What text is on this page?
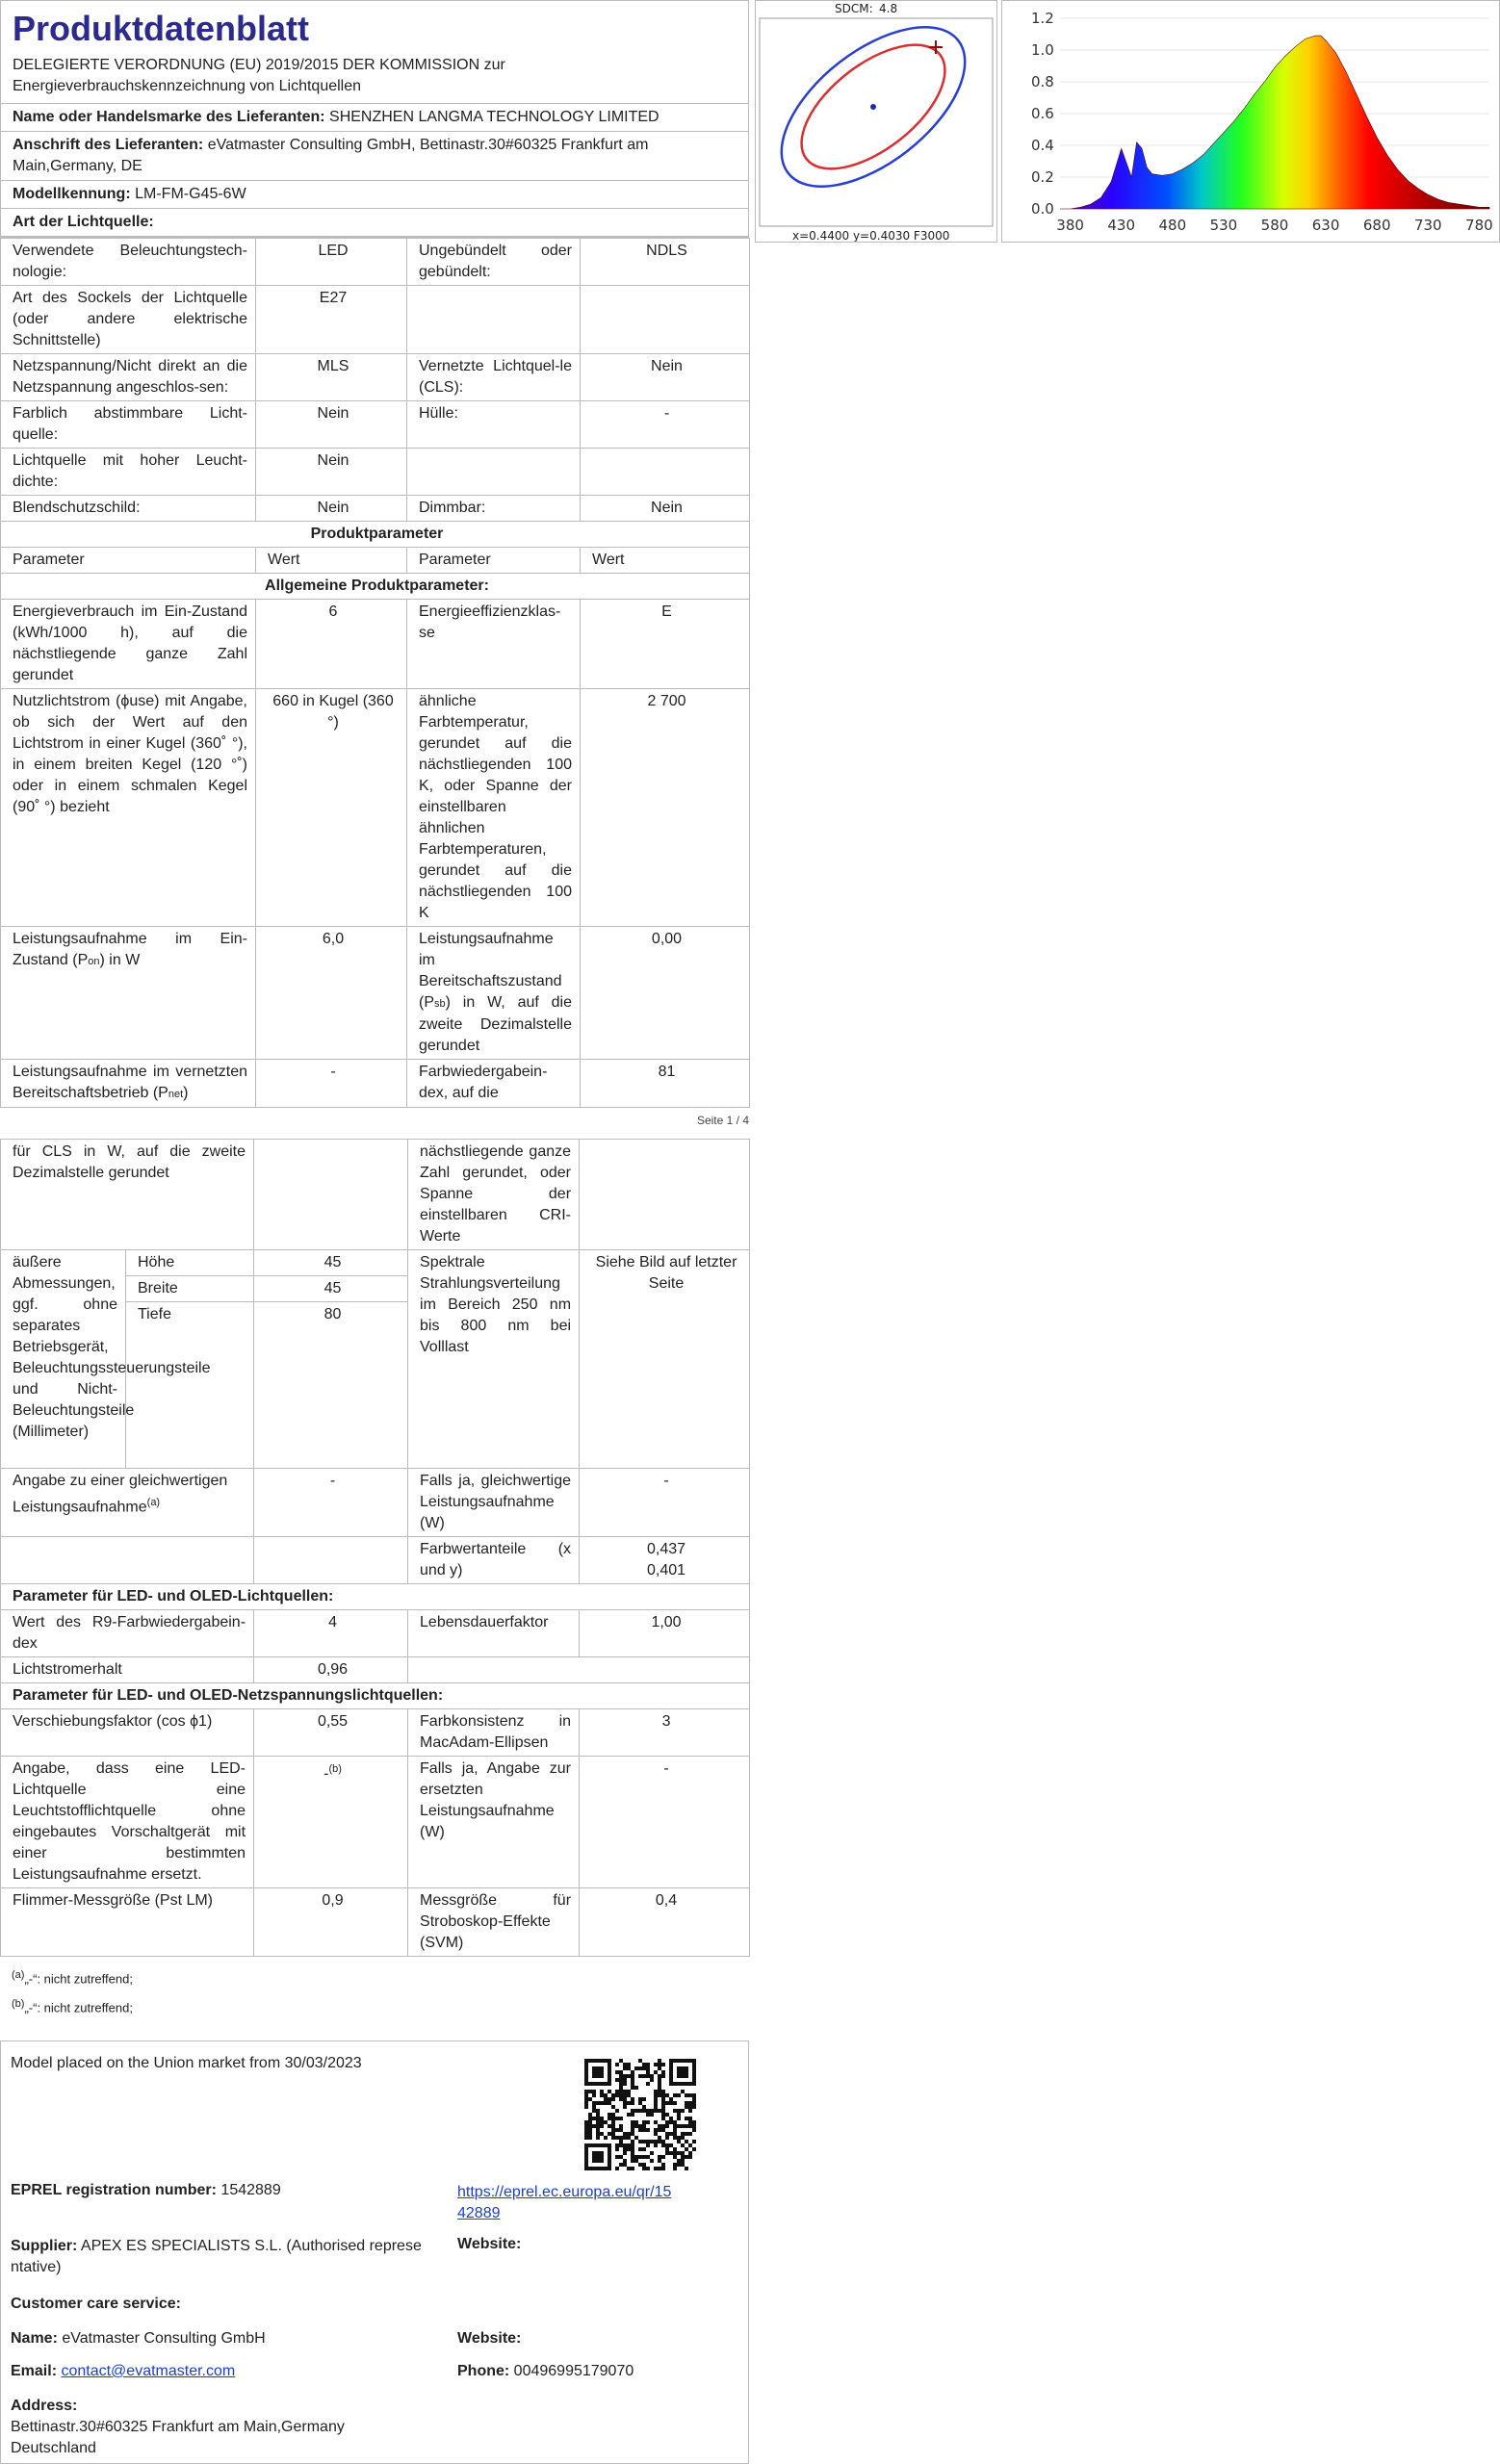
Produktdatenblatt
DELEGIERTE VERORDNUNG (EU) 2019/2015 DER KOMMISSION zur
Energieverbrauchskennzeichnung von Lichtquellen
Name oder Handelsmarke des Lieferanten: SHENZHEN LANGMA TECHNOLOGY LIMITED
Anschrift des Lieferanten: eVatmaster Consulting GmbH, Bettinastr.30#60325 Frankfurt am
Main,Germany, DE
Modellkennung: LM-FM-G45-6W
Art der Lichtquelle:
Verwendete Beleuchtungstech-nologie:	LED	Ungebündelt oder gebündelt:	NDLS
Art des Sockels der Lichtquelle (oder andere elektrische Schnittstelle)	E27		
Netzspannung/Nicht direkt an die Netzspannung angeschlos-sen:	MLS	Vernetzte Lichtquel-le (CLS):	Nein
Farblich abstimmbare Licht-quelle:	Nein	Hülle:	-
Lichtquelle mit hoher Leucht-dichte:	Nein		
Blendschutzschild:	Nein	Dimmbar:	Nein
Produktparameter			
Parameter	Wert	Parameter	Wert
Allgemeine Produktparameter:			
Energieverbrauch im Ein-Zustand (kWh/1000 h), auf die nächstliegende ganze Zahl gerundet	6	Energieeffizienzklas-se	E
Nutzlichtstrom (ϕuse) mit Angabe, ob sich der Wert auf den Lichtstrom in einer Kugel (360˚ °), in einem breiten Kegel (120 °˚) oder in einem schmalen Kegel (90˚ °) bezieht	660 in Kugel (360 °)	ähnliche Farbtemperatur, gerundet auf die nächstliegenden 100 K, oder Spanne der einstellbaren ähnlichen Farbtemperaturen, gerundet auf die nächstliegenden 100 K	2 700
Leistungsaufnahme im Ein-Zustand (Pon) in W	6,0	Leistungsaufnahme im Bereitschaftszustand (Psb) in W, auf die zweite Dezimalstelle gerundet	0,00
Leistungsaufnahme im vernetzten Bereitschaftsbetrieb (Pnet)	-	Farbwiedergabein-dex, auf die	81
Seite 1 / 4
für CLS in W, auf die zweite Dezimalstelle gerundet			nächstliegende ganze Zahl gerundet, oder Spanne der einstellbaren CRI-Werte	
äußere Abmessungen, ggf. ohne separates Betriebsgerät, Beleuchtungssteuerungsteile und Nicht-Beleuchtungsteile (Millimeter)	Höhe	45	Spektrale Strahlungsverteilung im Bereich 250 nm bis 800 nm bei Volllast	Siehe Bild auf letzter Seite
	Breite	45		
	Tiefe	80		
Angabe zu einer gleichwertigen Leistungsaufnahme$^{(a)}$		-	Falls ja, gleichwertige Leistungsaufnahme (W)	-
			Farbwertanteile (x und y)	0,437
0,401
Parameter für LED- und OLED-Lichtquellen:				
Wert des R9-Farbwiedergabein-dex		4	Lebensdauerfaktor	1,00
Lichtstromerhalt		0,96		
Parameter für LED- und OLED-Netzspannungslichtquellen:				
Verschiebungsfaktor (cos ϕ1)		0,55	Farbkonsistenz in MacAdam-Ellipsen	3
Angabe, dass eine LED-Lichtquelle eine Leuchtstofflichtquelle ohne eingebautes Vorschaltgerät mit einer bestimmten Leistungsaufnahme ersetzt.		-$^{(b)}$	Falls ja, Angabe zur ersetzten Leistungsaufnahme (W)	-
Flimmer-Messgröße (Pst LM)		0,9	Messgröße für Stroboskop-Effekte (SVM)	0,4
$^{(a)}$„-“: nicht zutreffend;
$^{(b)}$„-“: nicht zutreffend;
Model placed on the Union market from 30/03/2023
EPREL registration number: 1542889	https://eprel.ec.europa.eu/qr/15
42889
Supplier: APEX ES SPECIALISTS S.L. (Authorised represe
ntative)
Website:
Customer care service:
Name: eVatmaster Consulting GmbH	Website:
Email: contact@evatmaster.com	Phone: 00496995179070
Address:
Bettinastr.30#60325 Frankfurt am Main,Germany
Deutschland
SDCM: 4.8
x=0.4400 y=0.4030 F3000
0.0
0.2
0.4
0.6
0.8
1.0
1.2
380 430 480 530 580 630 680 730 780
